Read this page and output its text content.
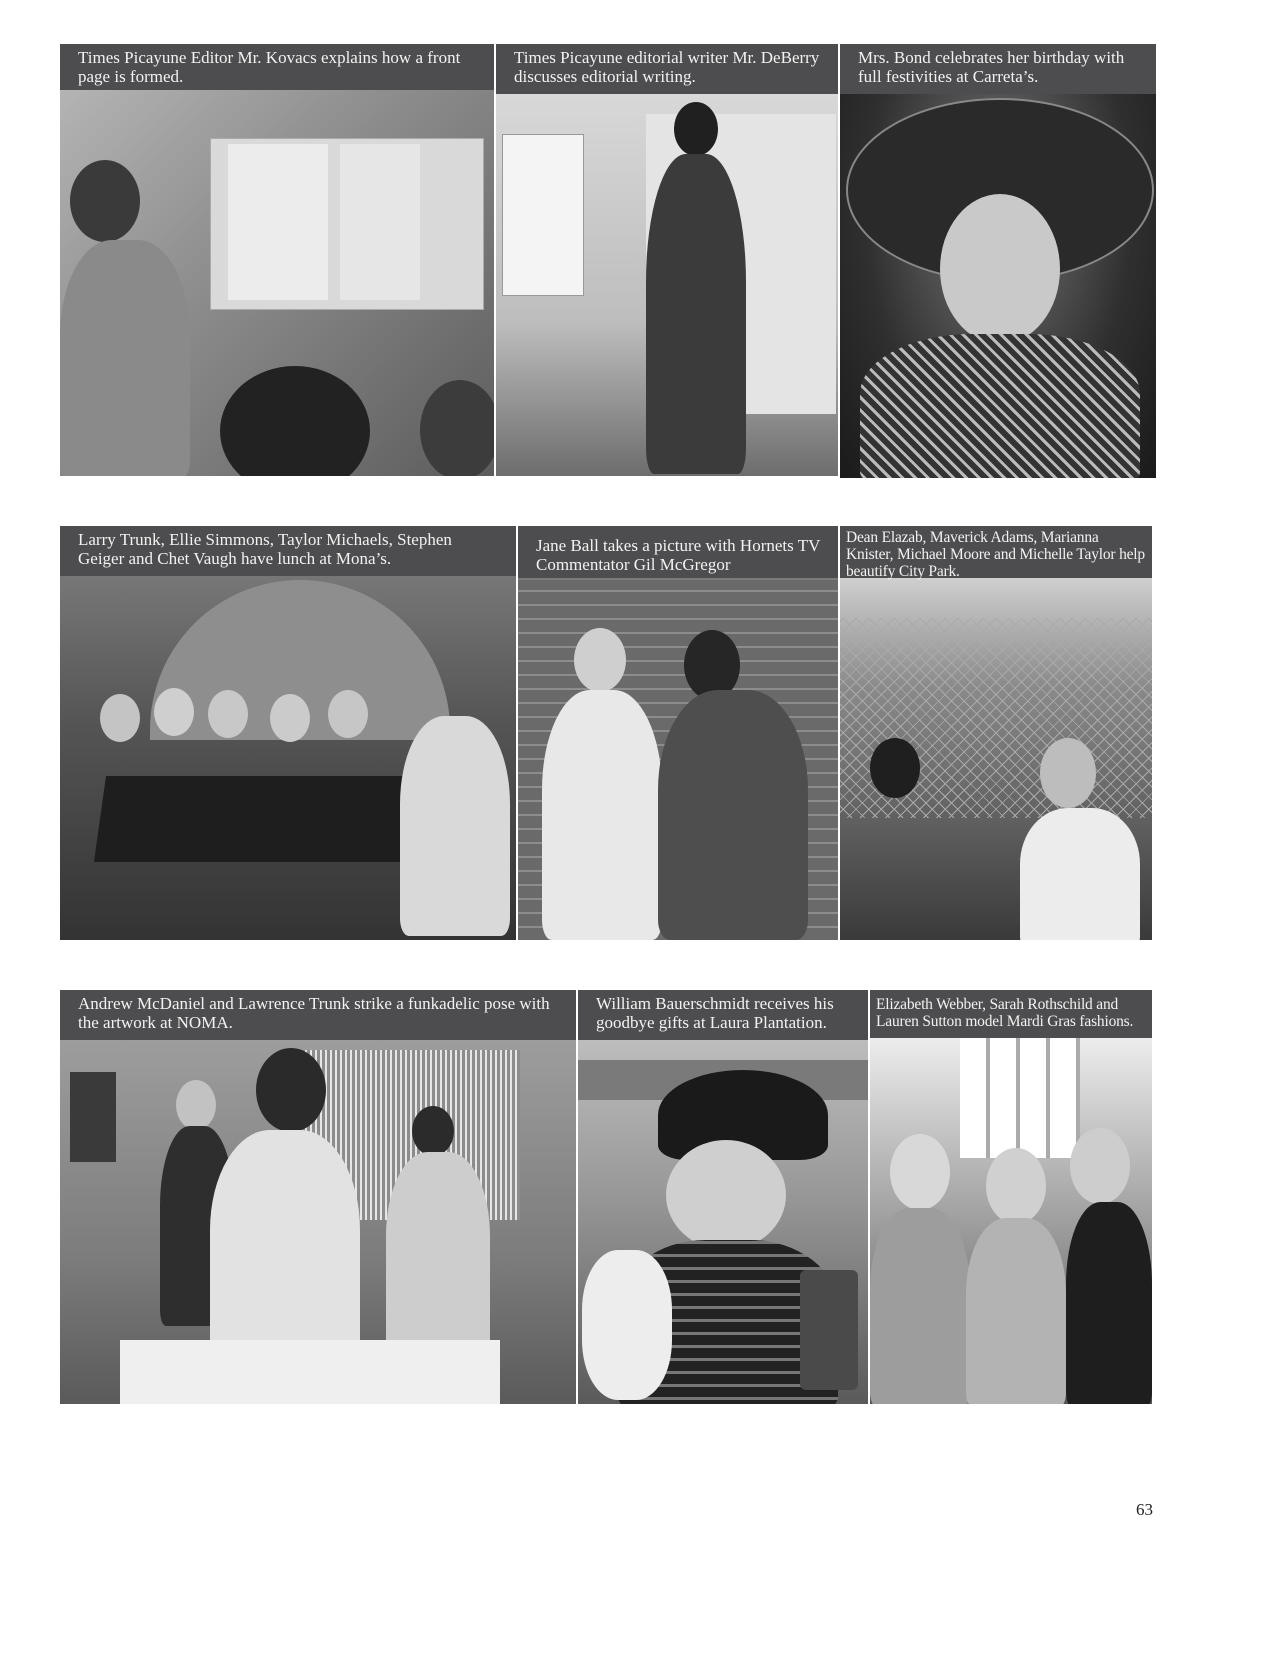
Times Picayune Editor Mr. Kovacs explains how a front page is formed.
Times Picayune editorial writer Mr. DeBerry discusses editorial writing.
Mrs. Bond celebrates her birthday with full festivities at Carreta’s.
Larry Trunk, Ellie Simmons, Taylor Michaels, Stephen Geiger and Chet Vaugh have lunch at Mona’s.
Jane Ball takes a picture with Hornets TV Commentator Gil McGregor
Dean Elazab, Maverick Adams, Marianna Knister, Michael Moore and Michelle Taylor help beautify City Park.
Andrew McDaniel and Lawrence Trunk strike a funkadelic pose with the artwork at NOMA.
William Bauerschmidt receives his goodbye gifts at Laura Plantation.
Elizabeth Webber, Sarah Rothschild and Lauren Sutton model Mardi Gras fashions.
63
